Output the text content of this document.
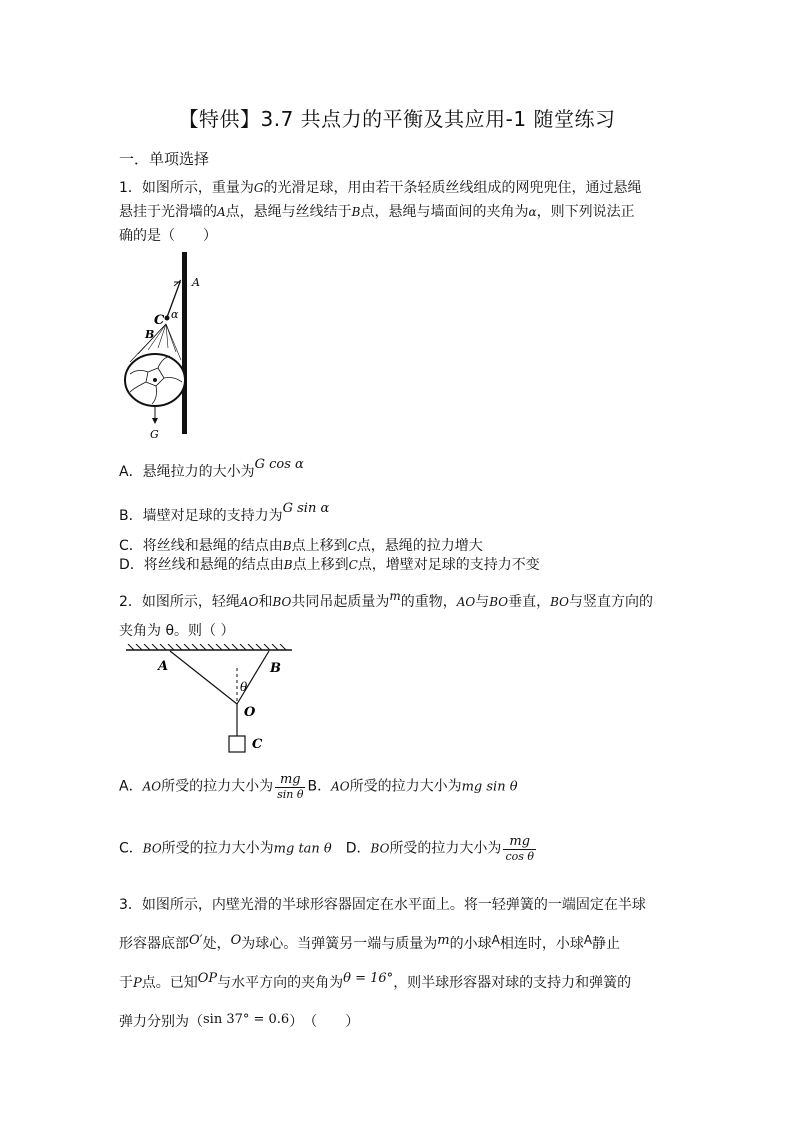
【特供】3.7 共点力的平衡及其应用-1 随堂练习
一．单项选择
1．如图所示，重量为G的光滑足球，用由若干条轻质丝线组成的网兜兜住，通过悬绳
悬挂于光滑墙的A点，悬绳与丝线结于B点，悬绳与墙面间的夹角为α，则下列说法正
确的是（　　）
A
C α
B
G
A．悬绳拉力的大小为G cos α
B．墙壁对足球的支持力为G sin α
C．将丝线和悬绳的结点由B点上移到C点，悬绳的拉力增大
D．将丝线和悬绳的结点由B点上移到C点，增壁对足球的支持力不变
2．如图所示，轻绳AO和BO共同吊起质量为m的重物，AO与BO垂直，BO与竖直方向的
夹角为 θ。则（ ）
A	B
θ
O
C
A．AO所受的拉力大小为 $\frac{mg}{\text{sin θ}}$ B．AO所受的拉力大小为mg sin θ
C．BO所受的拉力大小为mg tan θ　 D．BO所受的拉力大小为 $\frac{mg}{\text{cos θ}}$
3．如图所示，内壁光滑的半球形容器固定在水平面上。将一轻弹簧的一端固定在半球
形容器底部O′处，O为球心。当弹簧另一端与质量为m的小球A相连时，小球A静止
于P点。已知OP与水平方向的夹角为θ = 16°，则半球形容器对球的支持力和弹簧的
弹力分别为（sin 37° = 0.6）　（　　）
